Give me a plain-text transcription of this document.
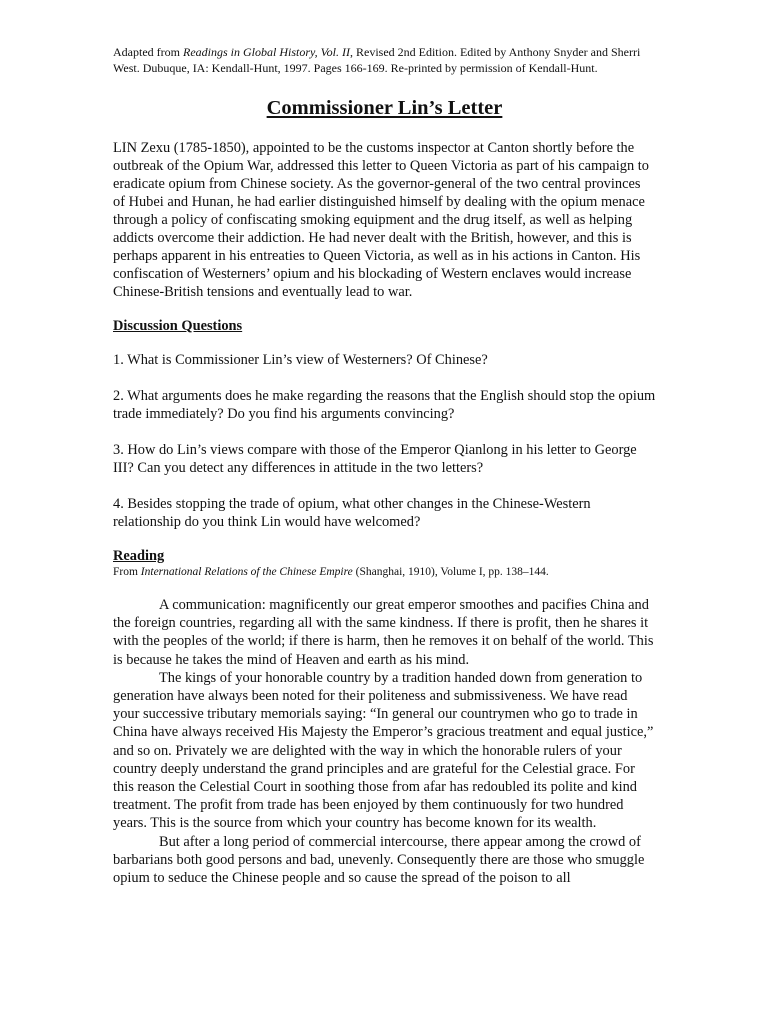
Adapted from Readings in Global History, Vol. II, Revised 2nd Edition. Edited by Anthony Snyder and Sherri West. Dubuque, IA: Kendall-Hunt, 1997. Pages 166-169. Re-printed by permission of Kendall-Hunt.

Commissioner Lin’s Letter

LIN Zexu (1785-1850), appointed to be the customs inspector at Canton shortly before the outbreak of the Opium War, addressed this letter to Queen Victoria as part of his campaign to eradicate opium from Chinese society. As the governor-general of the two central provinces of Hubei and Hunan, he had earlier distinguished himself by dealing with the opium menace through a policy of confiscating smoking equipment and the drug itself, as well as helping addicts overcome their addiction. He had never dealt with the British, however, and this is perhaps apparent in his entreaties to Queen Victoria, as well as in his actions in Canton. His confiscation of Westerners’ opium and his blockading of Western enclaves would increase Chinese-British tensions and eventually lead to war.

Discussion Questions

1. What is Commissioner Lin’s view of Westerners? Of Chinese?

2. What arguments does he make regarding the reasons that the English should stop the opium trade immediately? Do you find his arguments convincing?

3. How do Lin’s views compare with those of the Emperor Qianlong in his letter to George III? Can you detect any differences in attitude in the two letters?

4. Besides stopping the trade of opium, what other changes in the Chinese-Western relationship do you think Lin would have welcomed?

Reading

From International Relations of the Chinese Empire (Shanghai, 1910), Volume I, pp. 138–144.

A communication: magnificently our great emperor smoothes and pacifies China and the foreign countries, regarding all with the same kindness. If there is profit, then he shares it with the peoples of the world; if there is harm, then he removes it on behalf of the world. This is because he takes the mind of Heaven and earth as his mind.

The kings of your honorable country by a tradition handed down from generation to generation have always been noted for their politeness and submissiveness. We have read your successive tributary memorials saying: “In general our countrymen who go to trade in China have always received His Majesty the Emperor’s gracious treatment and equal justice,” and so on. Privately we are delighted with the way in which the honorable rulers of your country deeply understand the grand principles and are grateful for the Celestial grace. For this reason the Celestial Court in soothing those from afar has redoubled its polite and kind treatment. The profit from trade has been enjoyed by them continuously for two hundred years. This is the source from which your country has become known for its wealth.

But after a long period of commercial intercourse, there appear among the crowd of barbarians both good persons and bad, unevenly. Consequently there are those who smuggle opium to seduce the Chinese people and so cause the spread of the poison to all
